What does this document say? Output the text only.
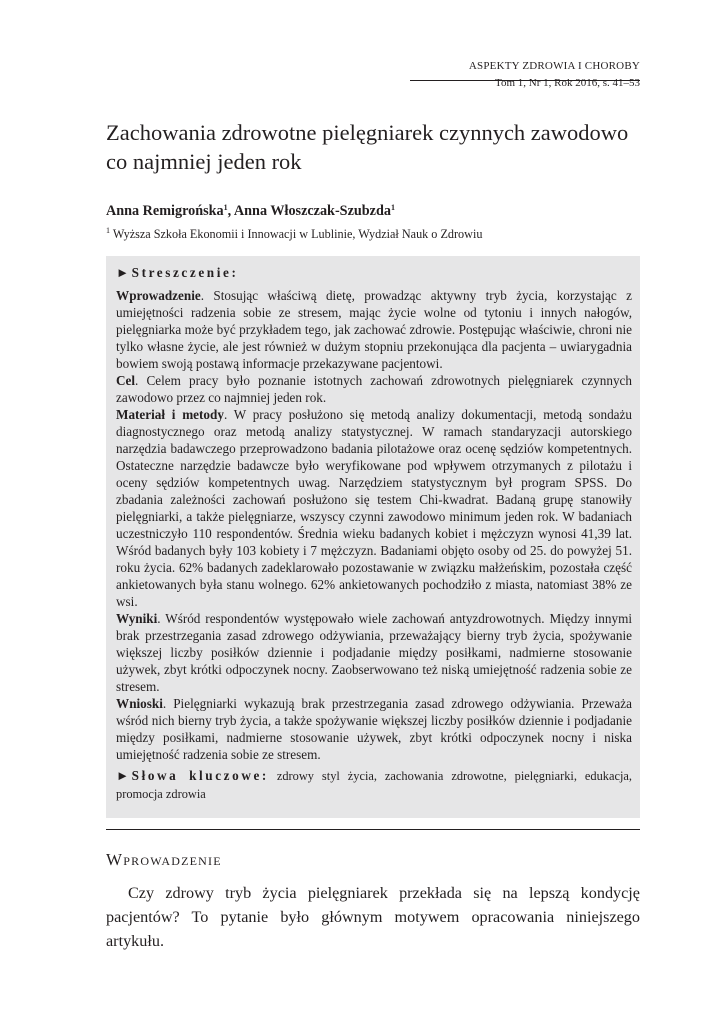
ASPEKTY ZDROWIA I CHOROBY
Tom 1, Nr 1, Rok 2016, s. 41–53
Zachowania zdrowotne pielęgniarek czynnych zawodowo co najmniej jeden rok
Anna Remigrońska$^1$, Anna Włoszczak-Szubzda$^1$
$^1$ Wyższa Szkoła Ekonomii i Innowacji w Lublinie, Wydział Nauk o Zdrowiu

►Streszczenie:

Wprowadzenie. Stosując właściwą dietę, prowadząc aktywny tryb życia, korzystając z umiejętności radzenia sobie ze stresem, mając życie wolne od tytoniu i innych nałogów, pielęgniarka może być przykładem tego, jak zachować zdrowie. Postępując właściwie, chroni nie tylko własne życie, ale jest również w dużym stopniu przekonująca dla pacjenta – uwiarygadnia bowiem swoją postawą informacje przekazywane pacjentowi.

Cel. Celem pracy było poznanie istotnych zachowań zdrowotnych pielęgniarek czynnych zawodowo przez co najmniej jeden rok.

Materiał i metody. W pracy posłużono się metodą analizy dokumentacji, metodą sondażu diagnostycznego oraz metodą analizy statystycznej. W ramach standaryzacji autorskiego narzędzia badawczego przeprowadzono badania pilotażowe oraz ocenę sędziów kompetentnych. Ostateczne narzędzie badawcze było weryfikowane pod wpływem otrzymanych z pilotażu i oceny sędziów kompetentnych uwag. Narzędziem statystycznym był program SPSS. Do zbadania zależności zachowań posłużono się testem Chi-kwadrat. Badaną grupę stanowiły pielęgniarki, a także pielęgniarze, wszyscy czynni zawodowo minimum jeden rok. W badaniach uczestniczyło 110 respondentów. Średnia wieku badanych kobiet i mężczyzn wynosi 41,39 lat. Wśród badanych były 103 kobiety i 7 mężczyzn. Badaniami objęto osoby od 25. do powyżej 51. roku życia. 62% badanych zadeklarowało pozostawanie w związku małżeńskim, pozostała część ankietowanych była stanu wolnego. 62% ankietowanych pochodziło z miasta, natomiast 38% ze wsi.

Wyniki. Wśród respondentów występowało wiele zachowań antyzdrowotnych. Między innymi brak przestrzegania zasad zdrowego odżywiania, przeważający bierny tryb życia, spożywanie większej liczby posiłków dziennie i podjadanie między posiłkami, nadmierne stosowanie używek, zbyt krótki odpoczynek nocny. Zaobserwowano też niską umiejętność radzenia sobie ze stresem.

Wnioski. Pielęgniarki wykazują brak przestrzegania zasad zdrowego odżywiania. Przeważa wśród nich bierny tryb życia, a także spożywanie większej liczby posiłków dziennie i podjadanie między posiłkami, nadmierne stosowanie używek, zbyt krótki odpoczynek nocny i niska umiejętność radzenia sobie ze stresem.

►Słowa kluczowe: zdrowy styl życia, zachowania zdrowotne, pielęgniarki, edukacja, promocja zdrowia

Wprowadzenie

Czy zdrowy tryb życia pielęgniarek przekłada się na lepszą kondycję pacjentów? To pytanie było głównym motywem opracowania niniejszego artykułu.
